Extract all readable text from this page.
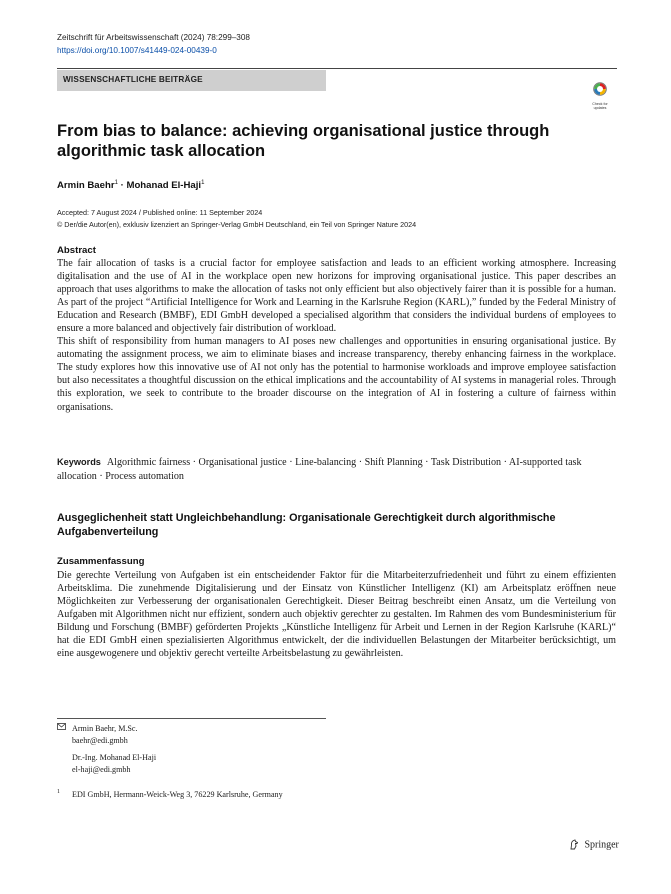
Zeitschrift für Arbeitswissenschaft (2024) 78:299–308
https://doi.org/10.1007/s41449-024-00439-0
WISSENSCHAFTLICHE BEITRÄGE
Check for updates
From bias to balance: achieving organisational justice through algorithmic task allocation
Armin Baehr$^1$ · Mohanad El-Haji$^1$
Accepted: 7 August 2024 / Published online: 11 September 2024
© Der/die Autor(en), exklusiv lizenziert an Springer-Verlag GmbH Deutschland, ein Teil von Springer Nature 2024
Abstract

The fair allocation of tasks is a crucial factor for employee satisfaction and leads to an efficient working atmosphere. Increasing digitalisation and the use of AI in the workplace open new horizons for improving organisational justice. This paper describes an approach that uses algorithms to make the allocation of tasks not only efficient but also objectively fairer than it is possible for a human. As part of the project “Artificial Intelligence for Work and Learning in the Karlsruhe Region (KARL),” funded by the Federal Ministry of Education and Research (BMBF), EDI GmbH developed a specialised algorithm that considers the individual burdens of employees to ensure a more balanced and objectively fair distribution of workload.

This shift of responsibility from human managers to AI poses new challenges and opportunities in ensuring organisational justice. By automating the assignment process, we aim to eliminate biases and increase transparency, thereby enhancing fairness in the workplace. The study explores how this innovative use of AI not only has the potential to harmonise workloads and improve employee satisfaction but also necessitates a thoughtful discussion on the ethical implications and the accountability of AI systems in managerial roles. Through this exploration, we seek to contribute to the broader discourse on the integration of AI in fostering a culture of fairness within organisations.

Keywords Algorithmic fairness · Organisational justice · Line-balancing · Shift Planning · Task Distribution · AI-supported task allocation · Process automation
Ausgeglichenheit statt Ungleichbehandlung: Organisationale Gerechtigkeit durch algorithmische Aufgabenverteilung
Zusammenfassung

Die gerechte Verteilung von Aufgaben ist ein entscheidender Faktor für die Mitarbeiterzufriedenheit und führt zu einem effizienten Arbeitsklima. Die zunehmende Digitalisierung und der Einsatz von Künstlicher Intelligenz (KI) am Arbeitsplatz eröffnen neue Möglichkeiten zur Verbesserung der organisationalen Gerechtigkeit. Dieser Beitrag beschreibt einen Ansatz, um die Verteilung von Aufgaben mit Algorithmen nicht nur effizient, sondern auch objektiv gerechter zu gestalten. Im Rahmen des vom Bundesministerium für Bildung und Forschung (BMBF) geförderten Projekts „Künstliche Intelligenz für Arbeit und Lernen in der Region Karlsruhe (KARL)“ hat die EDI GmbH einen spezialisierten Algorithmus entwickelt, der die individuellen Belastungen der Mitarbeiter berücksichtigt, um eine ausgewogenere und objektiv gerecht verteilte Arbeitsbelastung zu gewährleisten.

Armin Baehr, M.Sc.
baehr@edi.gmbh
Dr.-Ing. Mohanad El-Haji
el-haji@edi.gmbh
1 EDI GmbH, Hermann-Weick-Weg 3, 76229 Karlsruhe, Germany
Springer
